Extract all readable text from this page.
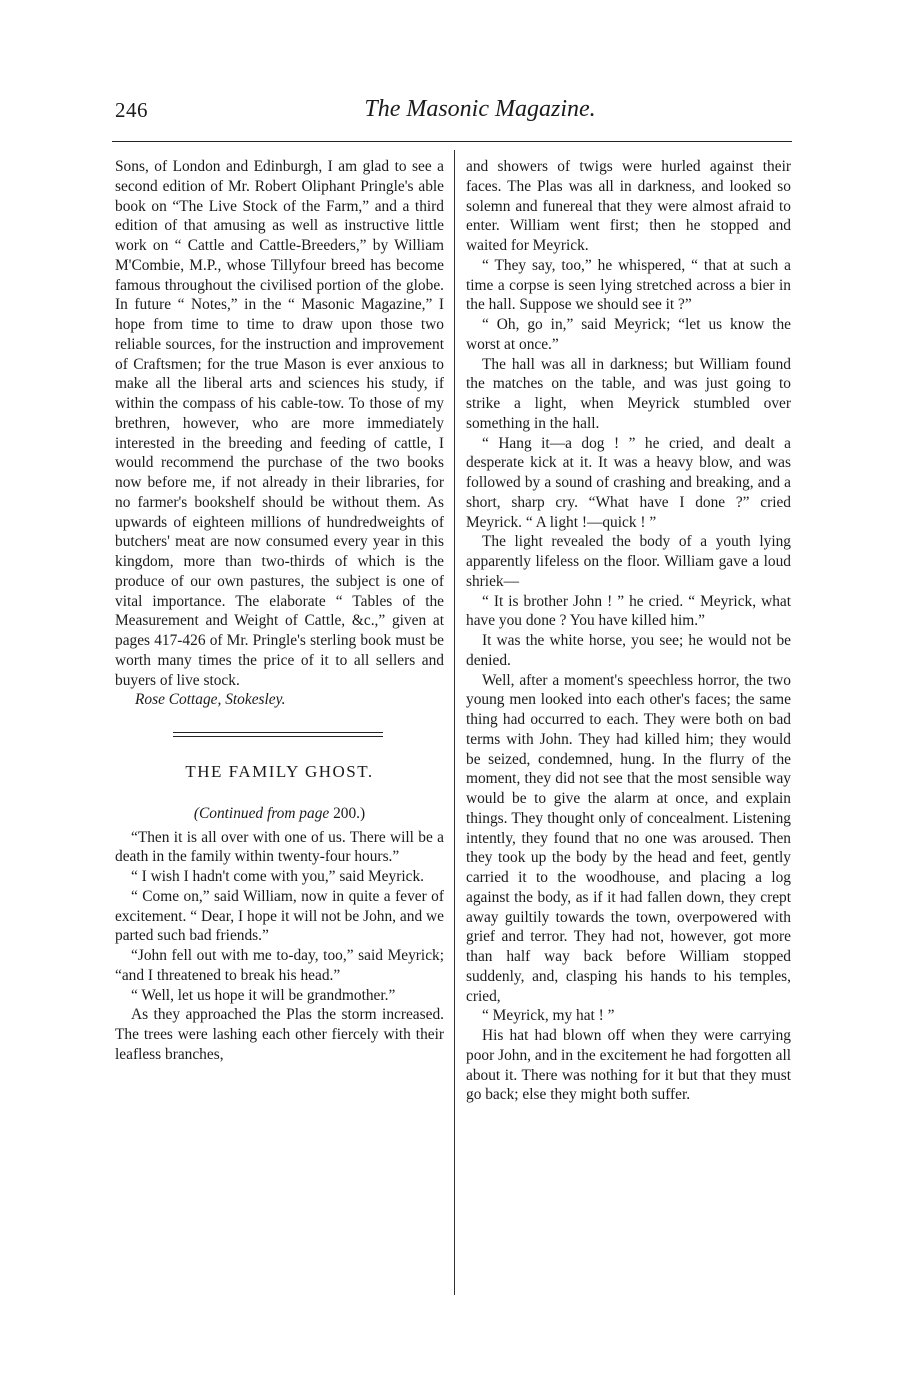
246	The Masonic Magazine.

Sons, of London and Edinburgh, I am glad to see a second edition of Mr. Robert Oliphant Pringle's able book on “The Live Stock of the Farm,” and a third edition of that amusing as well as instructive little work on “ Cattle and Cattle-Breeders,” by William M'Combie, M.P., whose Tillyfour breed has become famous throughout the civilised portion of the globe. In future “ Notes,” in the “ Masonic Magazine,” I hope from time to time to draw upon those two reliable sources, for the instruction and improvement of Craftsmen; for the true Mason is ever anxious to make all the liberal arts and sciences his study, if within the compass of his cable-tow. To those of my brethren, however, who are more immediately interested in the breeding and feeding of cattle, I would recommend the purchase of the two books now before me, if not already in their libraries, for no farmer's bookshelf should be without them. As upwards of eighteen millions of hundredweights of butchers' meat are now consumed every year in this kingdom, more than two-thirds of which is the produce of our own pastures, the subject is one of vital importance. The elaborate “ Tables of the Measurement and Weight of Cattle, &c.,” given at pages 417-426 of Mr. Pringle's sterling book must be worth many times the price of it to all sellers and buyers of live stock.

Rose Cottage, Stokesley.

THE FAMILY GHOST.

(Continued from page 200.)

“Then it is all over with one of us. There will be a death in the family within twenty-four hours.”

“ I wish I hadn't come with you,” said Meyrick.

“ Come on,” said William, now in quite a fever of excitement. “ Dear, I hope it will not be John, and we parted such bad friends.”

“John fell out with me to-day, too,” said Meyrick; “and I threatened to break his head.”

“ Well, let us hope it will be grandmother.”

As they approached the Plas the storm increased. The trees were lashing each other fiercely with their leafless branches,

and showers of twigs were hurled against their faces. The Plas was all in darkness, and looked so solemn and funereal that they were almost afraid to enter. William went first; then he stopped and waited for Meyrick.

“ They say, too,” he whispered, “ that at such a time a corpse is seen lying stretched across a bier in the hall. Suppose we should see it ?”

“ Oh, go in,” said Meyrick; “let us know the worst at once.”

The hall was all in darkness; but William found the matches on the table, and was just going to strike a light, when Meyrick stumbled over something in the hall.

“ Hang it—a dog ! ” he cried, and dealt a desperate kick at it. It was a heavy blow, and was followed by a sound of crashing and breaking, and a short, sharp cry. “What have I done ?” cried Meyrick. “ A light !—quick ! ”

The light revealed the body of a youth lying apparently lifeless on the floor. William gave a loud shriek—

“ It is brother John ! ” he cried. “ Meyrick, what have you done ? You have killed him.”

It was the white horse, you see; he would not be denied.

Well, after a moment's speechless horror, the two young men looked into each other's faces; the same thing had occurred to each. They were both on bad terms with John. They had killed him; they would be seized, condemned, hung. In the flurry of the moment, they did not see that the most sensible way would be to give the alarm at once, and explain things. They thought only of concealment. Listening intently, they found that no one was aroused. Then they took up the body by the head and feet, gently carried it to the woodhouse, and placing a log against the body, as if it had fallen down, they crept away guiltily towards the town, overpowered with grief and terror. They had not, however, got more than half way back before William stopped suddenly, and, clasping his hands to his temples, cried,

“ Meyrick, my hat ! ”

His hat had blown off when they were carrying poor John, and in the excitement he had forgotten all about it. There was nothing for it but that they must go back; else they might both suffer.
